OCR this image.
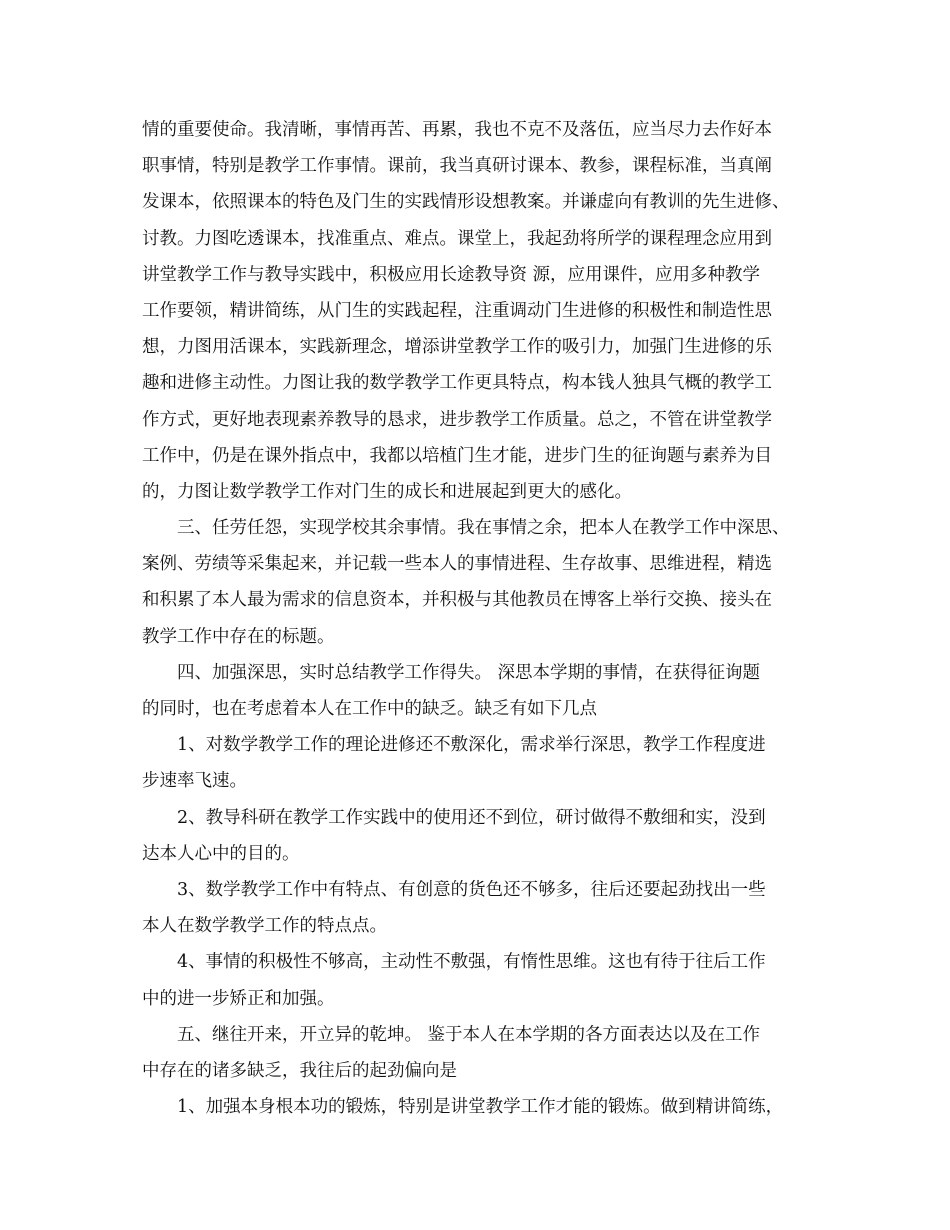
情的重要使命。我清晰，事情再苦、再累，我也不克不及落伍，应当尽力去作好本
职事情，特别是教学工作事情。课前，我当真研讨课本、教参，课程标准，当真阐
发课本，依照课本的特色及门生的实践情形设想教案。并谦虚向有教训的先生进修、
讨教。力图吃透课本，找准重点、难点。课堂上，我起劲将所学的课程理念应用到
讲堂教学工作与教导实践中，积极应用长途教导资 源，应用课件，应用多种教学
工作要领，精讲简练，从门生的实践起程，注重调动门生进修的积极性和制造性思
想，力图用活课本，实践新理念，增添讲堂教学工作的吸引力，加强门生进修的乐
趣和进修主动性。力图让我的数学教学工作更具特点，构本钱人独具气概的教学工
作方式，更好地表现素养教导的恳求，进步教学工作质量。总之，不管在讲堂教学
工作中，仍是在课外指点中，我都以培植门生才能，进步门生的征询题与素养为目
的，力图让数学教学工作对门生的成长和进展起到更大的感化。
三、任劳任怨，实现学校其余事情。我在事情之余，把本人在教学工作中深思、
案例、劳绩等采集起来，并记载一些本人的事情进程、生存故事、思维进程，精选
和积累了本人最为需求的信息资本，并积极与其他教员在博客上举行交换、接头在
教学工作中存在的标题。
四、加强深思，实时总结教学工作得失。 深思本学期的事情，在获得征询题
的同时，也在考虑着本人在工作中的缺乏。缺乏有如下几点
1、对数学教学工作的理论进修还不敷深化，需求举行深思，教学工作程度进
步速率飞速。
2、教导科研在教学工作实践中的使用还不到位，研讨做得不敷细和实，没到
达本人心中的目的。
3、数学教学工作中有特点、有创意的货色还不够多，往后还要起劲找出一些
本人在数学教学工作的特点点。
4、事情的积极性不够高，主动性不敷强，有惰性思维。这也有待于往后工作
中的进一步矫正和加强。
五、继往开来，开立异的乾坤。 鉴于本人在本学期的各方面表达以及在工作
中存在的诸多缺乏，我往后的起劲偏向是
1、加强本身根本功的锻炼，特别是讲堂教学工作才能的锻炼。做到精讲简练，
